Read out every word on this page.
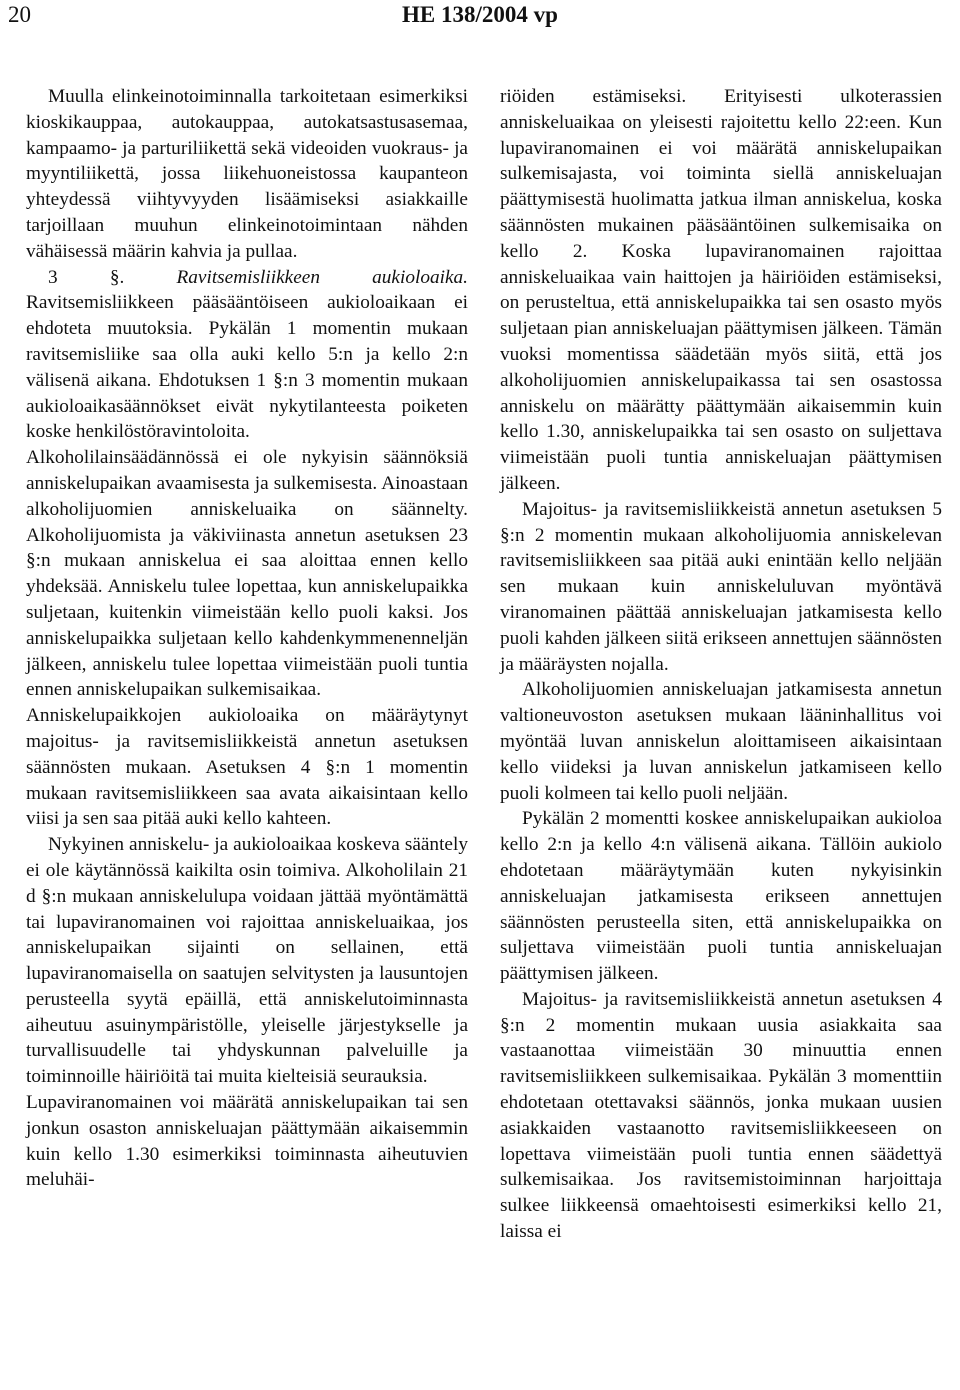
20	HE 138/2004 vp

Muulla elinkeinotoiminnalla tarkoitetaan esimerkiksi kioskikauppaa, autokauppaa, autokatsastusasemaa, kampaamo- ja parturiliikettä sekä videoiden vuokraus- ja myyntiliikettä, jossa liikehuoneistossa kaupanteon yhteydessä viihtyvyyden lisäämiseksi asiakkaille tarjoillaan muuhun elinkeinotoimintaan nähden vähäisessä määrin kahvia ja pullaa.

3 §.	Ravitsemisliikkeen aukioloaika. Ravitsemisliikkeen pääsääntöiseen aukioloaikaan ei ehdoteta muutoksia. Pykälän 1 momentin mukaan ravitsemisliike saa olla auki kello 5:n ja kello 2:n välisenä aikana. Ehdotuksen 1 §:n 3 momentin mukaan aukioloaikasäännökset eivät nykytilanteesta poiketen koske henkilöstöravintoloita.

Alkoholilainsäädännössä ei ole nykyisin säännöksiä anniskelupaikan avaamisesta ja sulkemisesta. Ainoastaan alkoholijuomien anniskeluaika on säännelty. Alkoholijuomista ja väkiviinasta annetun asetuksen 23 §:n mukaan anniskelua ei saa aloittaa ennen kello yhdeksää. Anniskelu tulee lopettaa, kun anniskelupaikka suljetaan, kuitenkin viimeistään kello puoli kaksi. Jos anniskelupaikka suljetaan kello kahdenkymmenenneljän jälkeen, anniskelu tulee lopettaa viimeistään puoli tuntia ennen anniskelupaikan sulkemisaikaa.

Anniskelupaikkojen aukioloaika on määräytynyt majoitus- ja ravitsemisliikkeistä annetun asetuksen säännösten mukaan. Asetuksen 4 §:n 1 momentin mukaan ravitsemisliikkeen saa avata aikaisintaan kello viisi ja sen saa pitää auki kello kahteen.

Nykyinen anniskelu- ja aukioloaikaa koskeva sääntely ei ole käytännössä kaikilta osin toimiva. Alkoholilain 21 d §:n mukaan anniskelulupa voidaan jättää myöntämättä tai lupaviranomainen voi rajoittaa anniskeluaikaa, jos anniskelupaikan sijainti on sellainen, että lupaviranomaisella on saatujen selvitysten ja lausuntojen perusteella syytä epäillä, että anniskelutoiminnasta aiheutuu asuinympäristölle, yleiselle järjestykselle ja turvallisuudelle tai yhdyskunnan palveluille ja toiminnoille häiriöitä tai muita kielteisiä seurauksia.

Lupaviranomainen voi määrätä anniskelupaikan tai sen jonkun osaston anniskeluajan päättymään aikaisemmin kuin kello 1.30 esimerkiksi toiminnasta aiheutuvien meluhäi-

riöiden estämiseksi. Erityisesti ulkoterassien anniskeluaikaa on yleisesti rajoitettu kello 22:een. Kun lupaviranomainen ei voi määrätä anniskelupaikan sulkemisajasta, voi toiminta siellä anniskeluajan päättymisestä huolimatta jatkua ilman anniskelua, koska säännösten mukainen pääsääntöinen sulkemisaika on kello 2. Koska lupaviranomainen rajoittaa anniskeluaikaa vain haittojen ja häiriöiden estämiseksi, on perusteltua, että anniskelupaikka tai sen osasto myös suljetaan pian anniskeluajan päättymisen jälkeen. Tämän vuoksi momentissa säädetään myös siitä, että jos alkoholijuomien anniskelupaikassa tai sen osastossa anniskelu on määrätty päättymään aikaisemmin kuin kello 1.30, anniskelupaikka tai sen osasto on suljettava viimeistään puoli tuntia anniskeluajan päättymisen jälkeen.

Majoitus- ja ravitsemisliikkeistä annetun asetuksen 5 §:n 2 momentin mukaan alkoholijuomia anniskelevan ravitsemisliikkeen saa pitää auki enintään kello neljään sen mukaan kuin anniskeluluvan myöntävä viranomainen päättää anniskeluajan jatkamisesta kello puoli kahden jälkeen siitä erikseen annettujen säännösten ja määräysten nojalla.

Alkoholijuomien anniskeluajan jatkamisesta annetun valtioneuvoston asetuksen mukaan lääninhallitus voi myöntää luvan anniskelun aloittamiseen aikaisintaan kello viideksi ja luvan anniskelun jatkamiseen kello puoli kolmeen tai kello puoli neljään.

Pykälän 2 momentti koskee anniskelupaikan aukioloa kello 2:n ja kello 4:n välisenä aikana. Tällöin aukiolo ehdotetaan määräytymään kuten nykyisinkin anniskeluajan jatkamisesta erikseen annettujen säännösten perusteella siten, että anniskelupaikka on suljettava viimeistään puoli tuntia anniskeluajan päättymisen jälkeen.

Majoitus- ja ravitsemisliikkeistä annetun asetuksen 4 §:n 2 momentin mukaan uusia asiakkaita saa vastaanottaa viimeistään 30 minuuttia ennen ravitsemisliikkeen sulkemisaikaa. Pykälän 3 momenttiin ehdotetaan otettavaksi säännös, jonka mukaan uusien asiakkaiden vastaanotto ravitsemisliikkeeseen on lopettava viimeistään puoli tuntia ennen säädettyä sulkemisaikaa. Jos ravitsemistoiminnan harjoittaja sulkee liikkeensä omaehtoisesti esimerkiksi kello 21, laissa ei
